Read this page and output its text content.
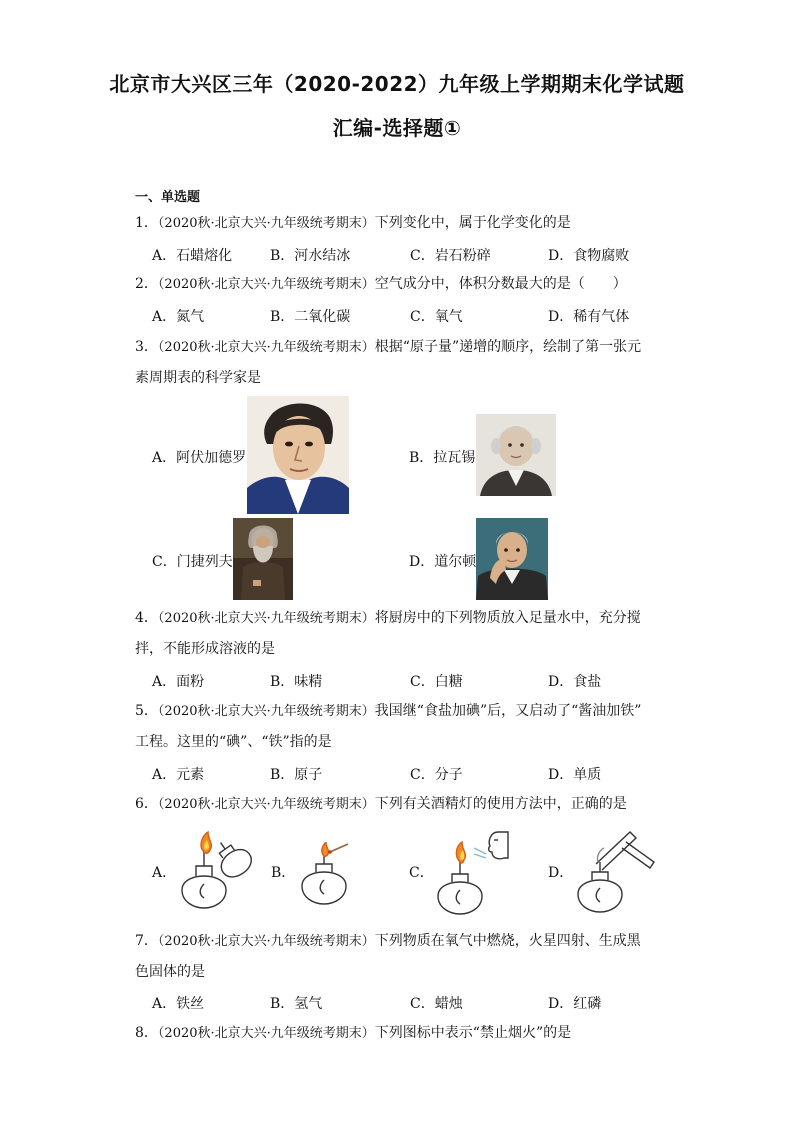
北京市大兴区三年（2020-2022）九年级上学期期末化学试题
汇编-选择题①
一、单选题
1．（2020秋·北京大兴·九年级统考期末）下列变化中，属于化学变化的是
A．石蜡熔化	B．河水结冰	C．岩石粉碎	D．食物腐败
2．（2020秋·北京大兴·九年级统考期末）空气成分中，体积分数最大的是（　　）
A．氮气	B．二氧化碳	C．氧气	D．稀有气体
3．（2020秋·北京大兴·九年级统考期末）根据“原子量”递增的顺序，绘制了第一张元
素周期表的科学家是
A．阿伏加德罗	B．拉瓦锡
C．门捷列夫	D．道尔顿
4．（2020秋·北京大兴·九年级统考期末）将厨房中的下列物质放入足量水中，充分搅
拌，不能形成溶液的是
A．面粉	B．味精	C．白糖	D．食盐
5．（2020秋·北京大兴·九年级统考期末）我国继“食盐加碘”后，又启动了“酱油加铁”
工程。这里的“碘”、“铁”指的是
A．元素	B．原子	C．分子	D．单质
6．（2020秋·北京大兴·九年级统考期末）下列有关酒精灯的使用方法中，正确的是
A．	B．	C．	D．
7．（2020秋·北京大兴·九年级统考期末）下列物质在氧气中燃烧，火星四射、生成黑
色固体的是
A．铁丝	B．氢气	C．蜡烛	D．红磷
8．（2020秋·北京大兴·九年级统考期末）下列图标中表示“禁止烟火”的是
